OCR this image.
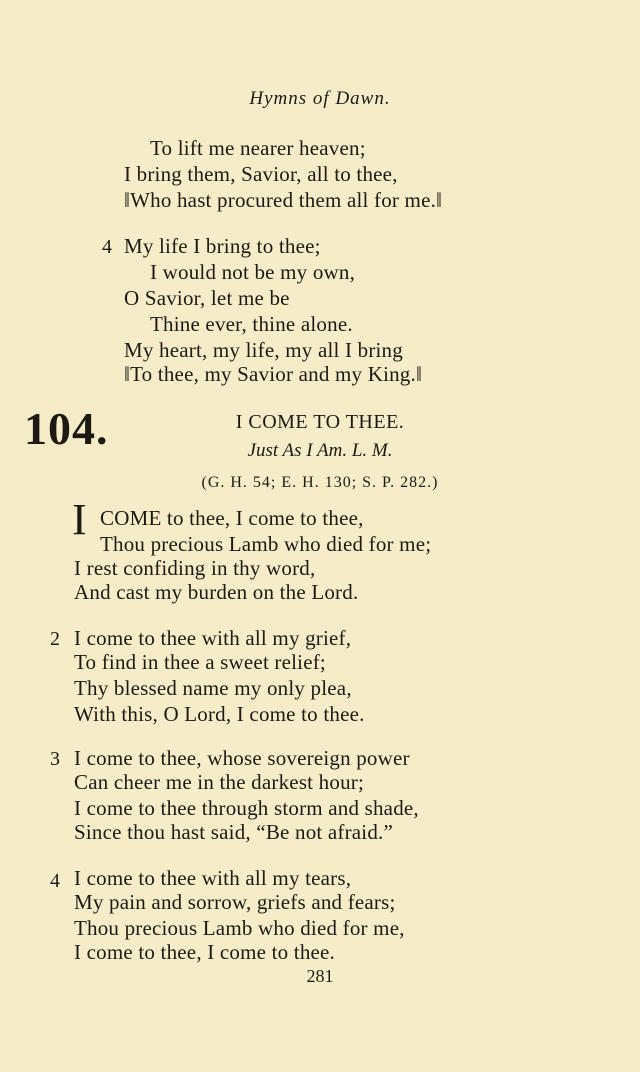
Hymns of Dawn.
To lift me nearer heaven;
I bring them, Savior, all to thee,
‖Who hast procured them all for me.‖
4 My life I bring to thee;
I would not be my own,
O Savior, let me be
Thine ever, thine alone.
My heart, my life, my all I bring
‖To thee, my Savior and my King.‖
104.	I COME TO THEE.
Just As I Am. L. M.
(G. H. 54; E. H. 130; S. P. 282.)
I COME to thee, I come to thee,
Thou precious Lamb who died for me;
I rest confiding in thy word,
And cast my burden on the Lord.
2 I come to thee with all my grief,
To find in thee a sweet relief;
Thy blessed name my only plea,
With this, O Lord, I come to thee.
3 I come to thee, whose sovereign power
Can cheer me in the darkest hour;
I come to thee through storm and shade,
Since thou hast said, “Be not afraid.”
4 I come to thee with all my tears,
My pain and sorrow, griefs and fears;
Thou precious Lamb who died for me,
I come to thee, I come to thee.
281
